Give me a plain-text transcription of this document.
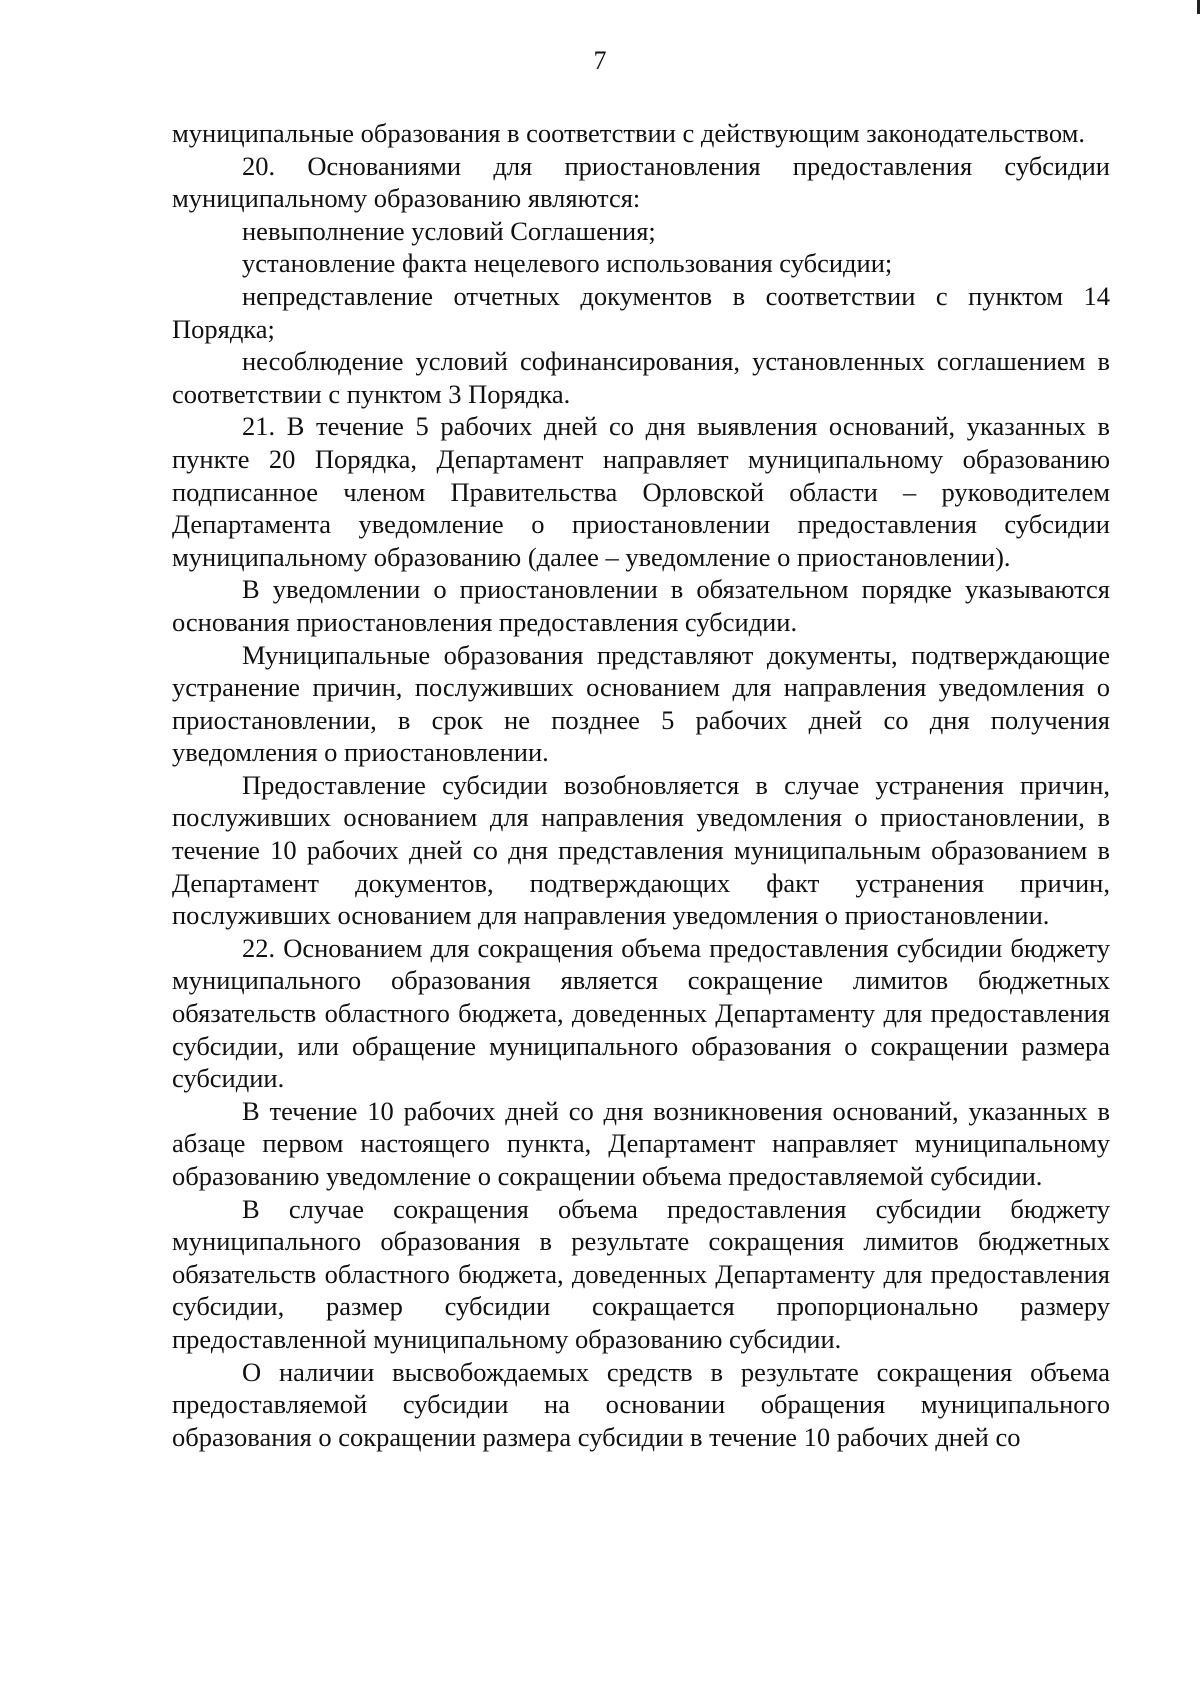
7

муниципальные образования в соответствии с действующим законодательством.

20. Основаниями для приостановления предоставления субсидии муниципальному образованию являются:

невыполнение условий Соглашения;

установление факта нецелевого использования субсидии;

непредставление отчетных документов в соответствии с пунктом 14 Порядка;

несоблюдение условий софинансирования, установленных соглашением в соответствии с пунктом 3 Порядка.

21. В течение 5 рабочих дней со дня выявления оснований, указанных в пункте 20 Порядка, Департамент направляет муниципальному образованию подписанное членом Правительства Орловской области – руководителем Департамента уведомление о приостановлении предоставления субсидии муниципальному образованию (далее – уведомление о приостановлении).

В уведомлении о приостановлении в обязательном порядке указываются основания приостановления предоставления субсидии.

Муниципальные образования представляют документы, подтверждающие устранение причин, послуживших основанием для направления уведомления о приостановлении, в срок не позднее 5 рабочих дней со дня получения уведомления о приостановлении.

Предоставление субсидии возобновляется в случае устранения причин, послуживших основанием для направления уведомления о приостановлении, в течение 10 рабочих дней со дня представления муниципальным образованием в Департамент документов, подтверждающих факт устранения причин, послуживших основанием для направления уведомления о приостановлении.

22. Основанием для сокращения объема предоставления субсидии бюджету муниципального образования является сокращение лимитов бюджетных обязательств областного бюджета, доведенных Департаменту для предоставления субсидии, или обращение муниципального образования о сокращении размера субсидии.

В течение 10 рабочих дней со дня возникновения оснований, указанных в абзаце первом настоящего пункта, Департамент направляет муниципальному образованию уведомление о сокращении объема предоставляемой субсидии.

В случае сокращения объема предоставления субсидии бюджету муниципального образования в результате сокращения лимитов бюджетных обязательств областного бюджета, доведенных Департаменту для предоставления субсидии, размер субсидии сокращается пропорционально размеру предоставленной муниципальному образованию субсидии.

О наличии высвобождаемых средств в результате сокращения объема предоставляемой субсидии на основании обращения муниципального образования о сокращении размера субсидии в течение 10 рабочих дней со
